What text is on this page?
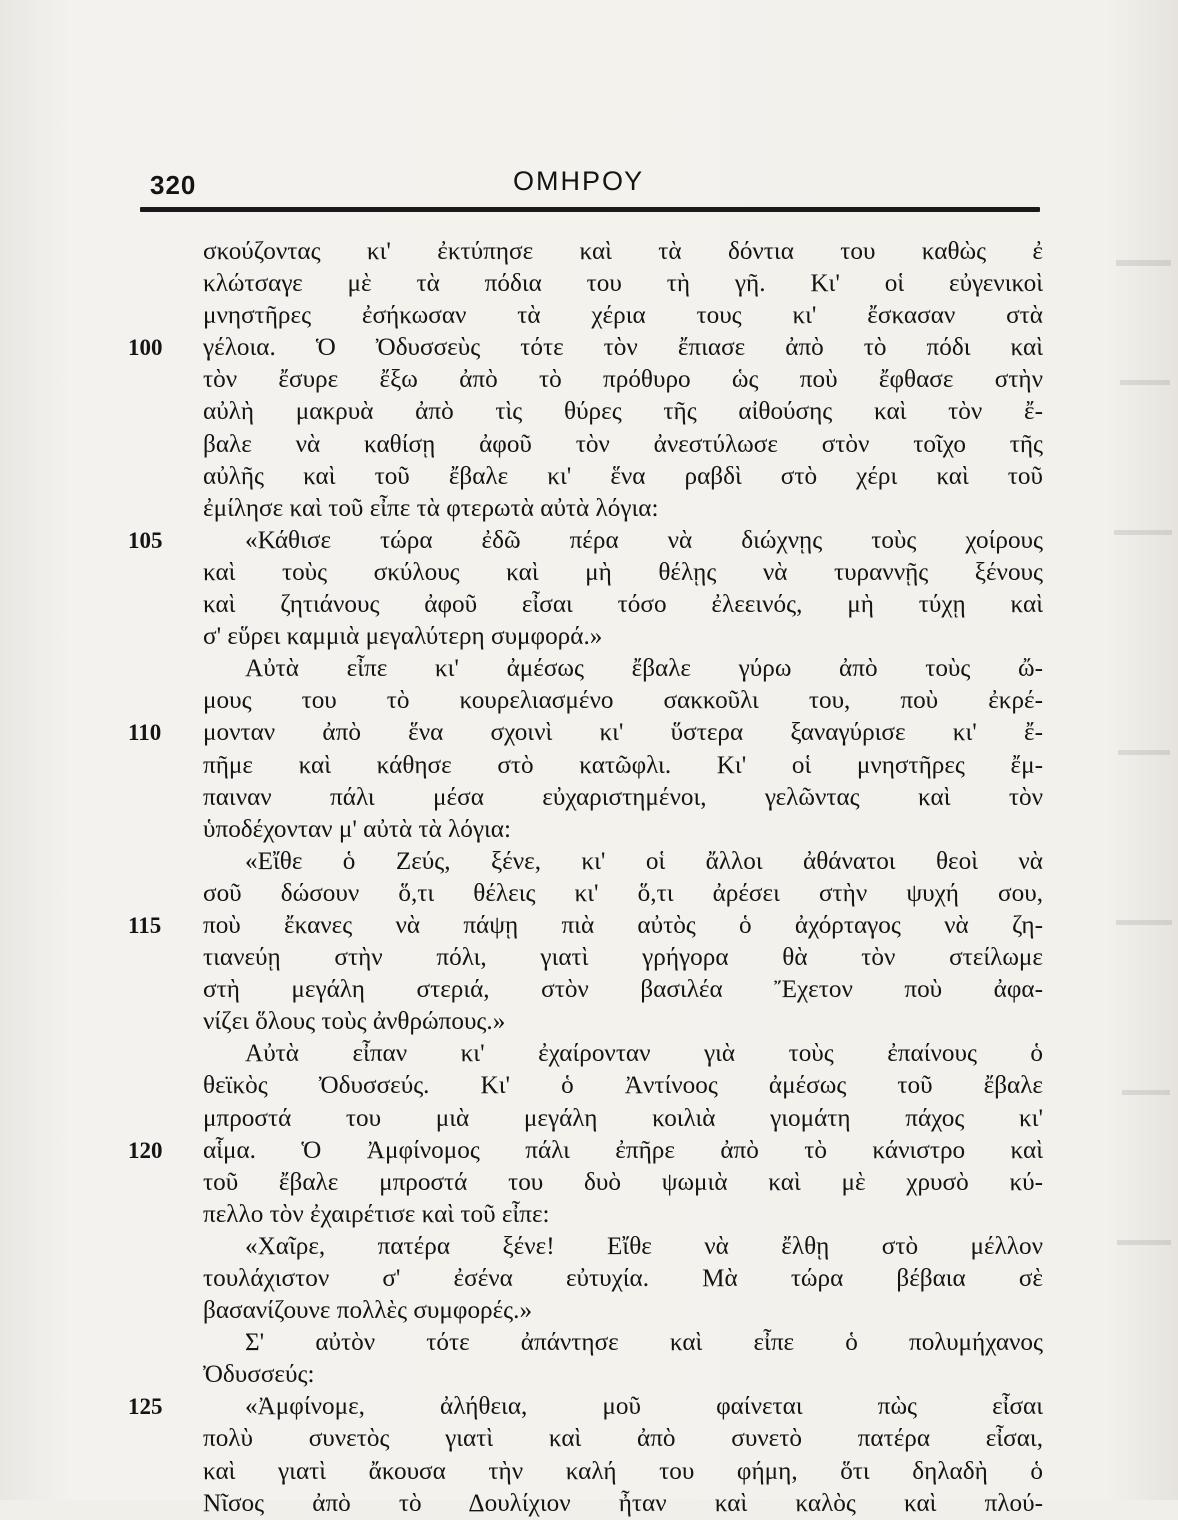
320	ΟΜΗΡΟΥ
σκούζοντας κι' ἐκτύπησε καὶ τὰ δόντια του καθὼς ἐ
κλώτσαγε μὲ τὰ πόδια του τὴ γῆ. Κι' οἱ εὐγενικοὶ
μνηστῆρες ἐσήκωσαν τὰ χέρια τους κι' ἔσκασαν στὰ
100	γέλοια. Ὁ Ὀδυσσεὺς τότε τὸν ἔπιασε ἀπὸ τὸ πόδι καὶ
τὸν ἔσυρε ἔξω ἀπὸ τὸ πρόθυρο ὡς ποὺ ἔφθασε στὴν
αὐλὴ μακρυὰ ἀπὸ τὶς θύρες τῆς αἰθούσης καὶ τὸν ἔ-
βαλε νὰ καθίσῃ ἀφοῦ τὸν ἀνεστύλωσε στὸν τοῖχο τῆς
αὐλῆς καὶ τοῦ ἔβαλε κι' ἕνα ραβδὶ στὸ χέρι καὶ τοῦ
ἐμίλησε καὶ τοῦ εἶπε τὰ φτερωτὰ αὐτὰ λόγια:
105	«Κάθισε τώρα ἐδῶ πέρα νὰ διώχνῃς τοὺς χοίρους
καὶ τοὺς σκύλους καὶ μὴ θέλῃς νὰ τυραννῇς ξένους
καὶ ζητιάνους ἀφοῦ εἶσαι τόσο ἐλεεινός, μὴ τύχῃ καὶ
σ' εὕρει καμμιὰ μεγαλύτερη συμφορά.»
Αὐτὰ εἶπε κι' ἀμέσως ἔβαλε γύρω ἀπὸ τοὺς ὤ-
μους του τὸ κουρελιασμένο σακκοῦλι του, ποὺ ἐκρέ-
110	μονταν ἀπὸ ἕνα σχοινὶ κι' ὕστερα ξαναγύρισε κι' ἔ-
πῆμε καὶ κάθησε στὸ κατῶφλι. Κι' οἱ μνηστῆρες ἔμ-
παιναν πάλι μέσα εὐχαριστημένοι, γελῶντας καὶ τὸν
ὑποδέχονταν μ' αὐτὰ τὰ λόγια:
«Εἴθε ὁ Ζεύς, ξένε, κι' οἱ ἄλλοι ἀθάνατοι θεοὶ νὰ
σοῦ δώσουν ὅ,τι θέλεις κι' ὅ,τι ἀρέσει στὴν ψυχή σου,
115	ποὺ ἔκανες νὰ πάψῃ πιὰ αὐτὸς ὁ ἀχόρταγος νὰ ζη-
τιανεύῃ στὴν πόλι, γιατὶ γρήγορα θὰ τὸν στείλωμε
στὴ μεγάλη στεριά, στὸν βασιλέα Ἔχετον ποὺ ἀφα-
νίζει ὅλους τοὺς ἀνθρώπους.»
Αὐτὰ εἶπαν κι' ἐχαίρονταν γιὰ τοὺς ἐπαίνους ὁ
θεϊκὸς Ὀδυσσεύς. Κι' ὁ Ἀντίνοος ἀμέσως τοῦ ἔβαλε
μπροστά του μιὰ μεγάλη κοιλιὰ γιομάτη πάχος κι'
120	αἷμα. Ὁ Ἀμφίνομος πάλι ἐπῆρε ἀπὸ τὸ κάνιστρο καὶ
τοῦ ἔβαλε μπροστά του δυὸ ψωμιὰ καὶ μὲ χρυσὸ κύ-
πελλο τὸν ἐχαιρέτισε καὶ τοῦ εἶπε:
«Χαῖρε, πατέρα ξένε! Εἴθε νὰ ἔλθῃ στὸ μέλλον
τουλάχιστον σ' ἐσένα εὐτυχία. Μὰ τώρα βέβαια σὲ
βασανίζουνε πολλὲς συμφορές.»
Σ' αὐτὸν τότε ἀπάντησε καὶ εἶπε ὁ πολυμήχανος
Ὀδυσσεύς:
125	«Ἀμφίνομε, ἀλήθεια, μοῦ φαίνεται πὼς εἶσαι
πολὺ συνετὸς γιατὶ καὶ ἀπὸ συνετὸ πατέρα εἶσαι,
καὶ γιατὶ ἄκουσα τὴν καλή του φήμη, ὅτι δηλαδὴ ὁ
Νῖσος ἀπὸ τὸ Δουλίχιον ἦταν καὶ καλὸς καὶ πλού-
